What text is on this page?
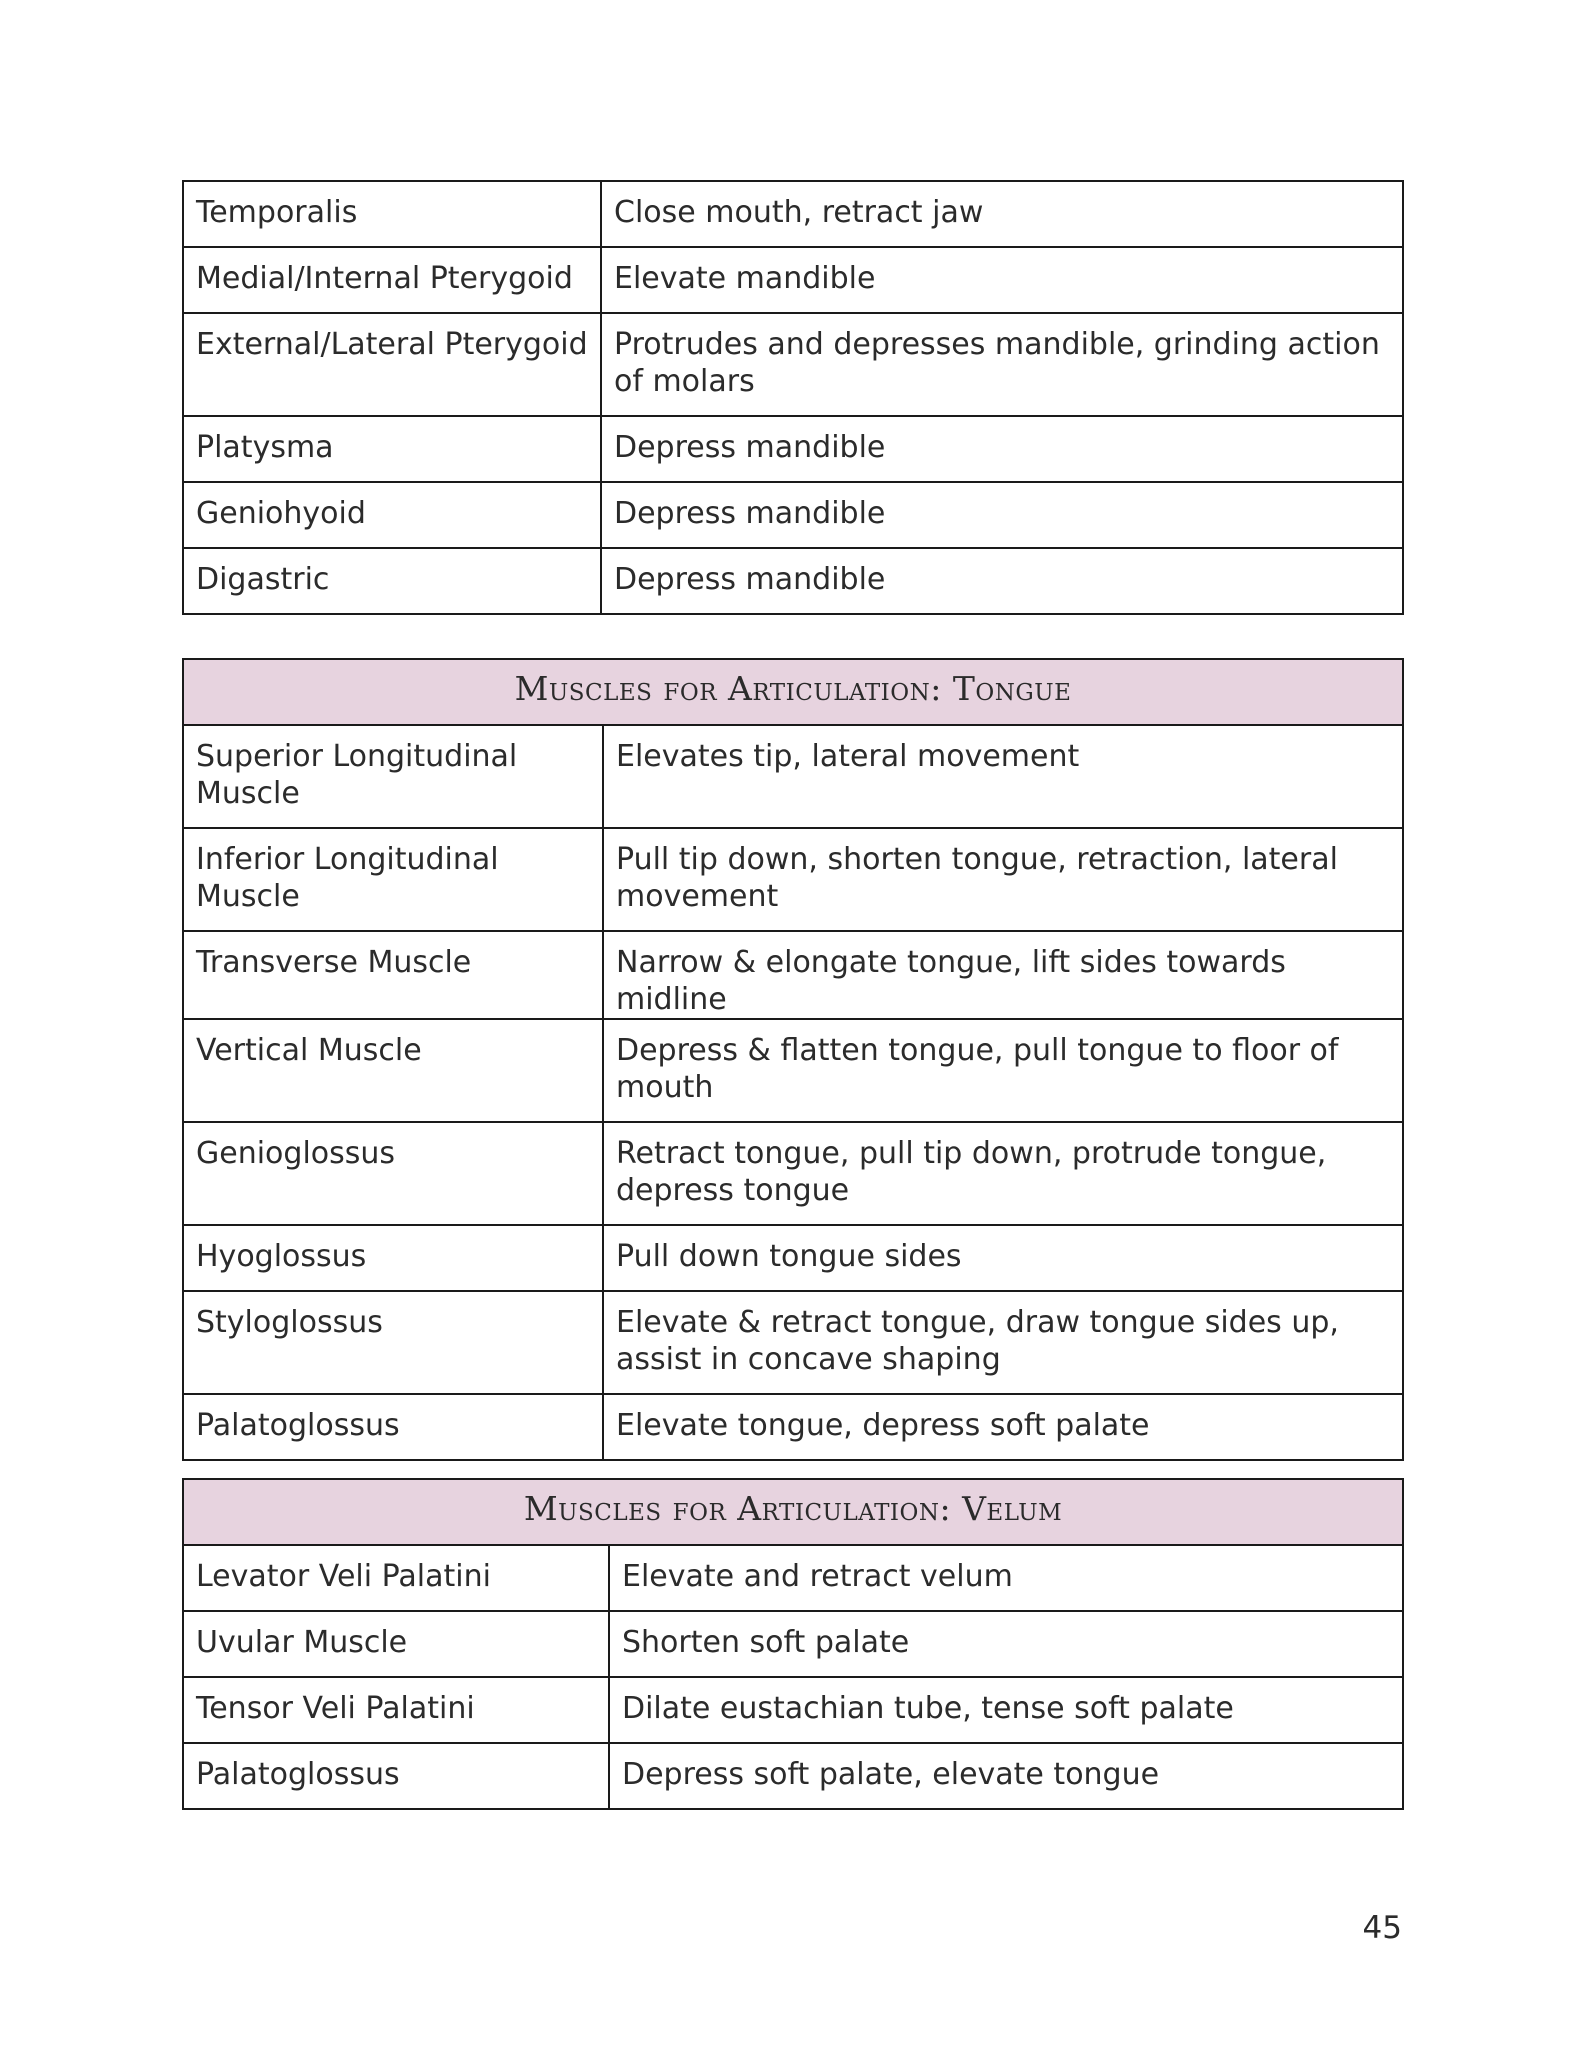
Temporalis	Close mouth, retract jaw
Medial/Internal Pterygoid	Elevate mandible
External/Lateral Pterygoid	Protrudes and depresses mandible, grinding action of molars
Platysma	Depress mandible
Geniohyoid	Depress mandible
Digastric	Depress mandible
Muscles for Articulation: Tongue	
Superior Longitudinal Muscle	Elevates tip, lateral movement
Inferior Longitudinal Muscle	Pull tip down, shorten tongue, retraction, lateral movement
Transverse Muscle	Narrow & elongate tongue, lift sides towards midline
Vertical Muscle	Depress & flatten tongue, pull tongue to floor of mouth
Genioglossus	Retract tongue, pull tip down, protrude tongue, depress tongue
Hyoglossus	Pull down tongue sides
Styloglossus	Elevate & retract tongue, draw tongue sides up, assist in concave shaping
Palatoglossus	Elevate tongue, depress soft palate
Muscles for Articulation: Velum	
Levator Veli Palatini	Elevate and retract velum
Uvular Muscle	Shorten soft palate
Tensor Veli Palatini	Dilate eustachian tube, tense soft palate
Palatoglossus	Depress soft palate, elevate tongue
45
